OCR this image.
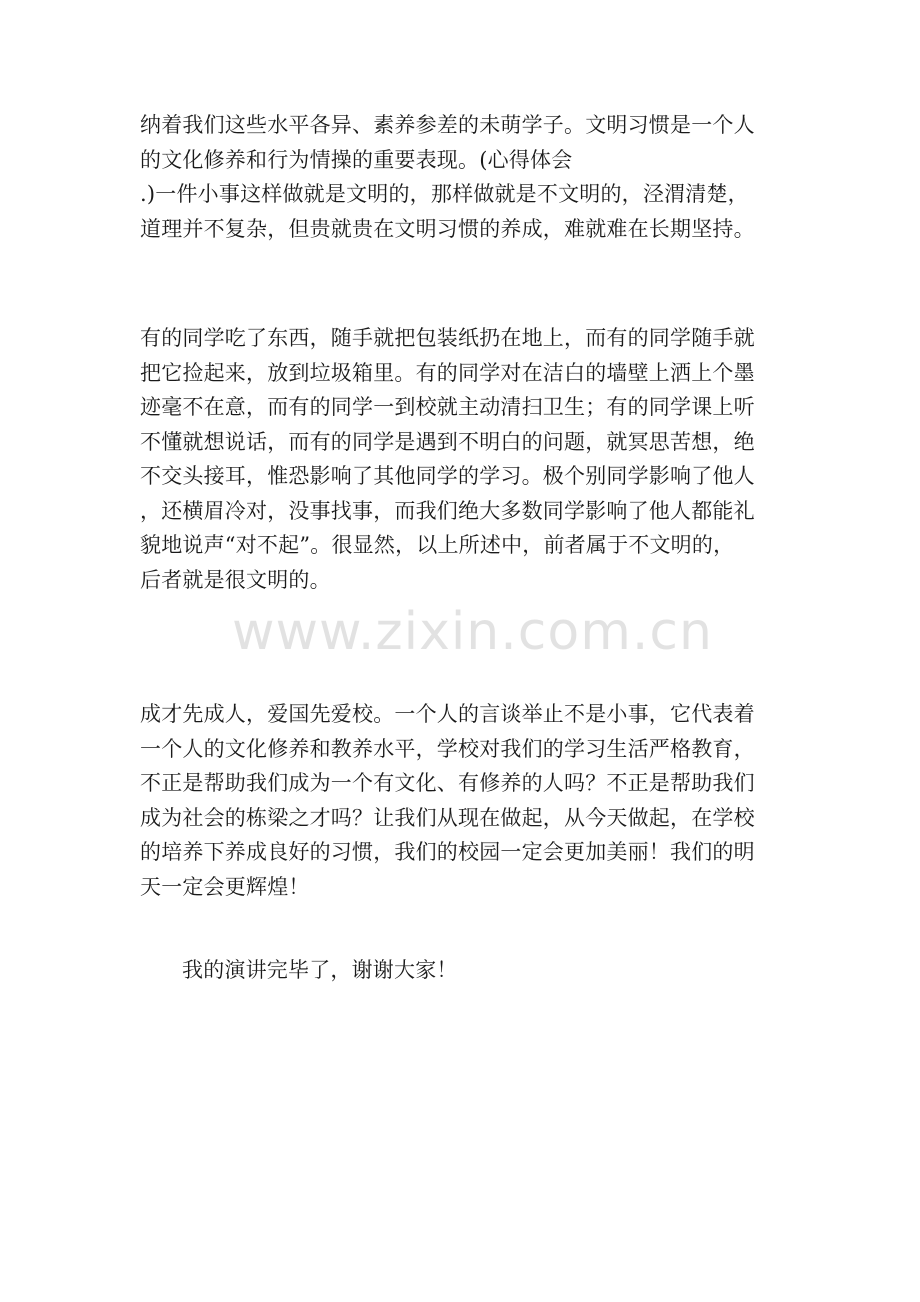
纳着我们这些水平各异、素养参差的未萌学子。文明习惯是一个人
的文化修养和行为情操的重要表现。(心得体会
.)一件小事这样做就是文明的，那样做就是不文明的，泾渭清楚，
道理并不复杂，但贵就贵在文明习惯的养成，难就难在长期坚持。
有的同学吃了东西，随手就把包装纸扔在地上，而有的同学随手就
把它捡起来，放到垃圾箱里。有的同学对在洁白的墙壁上洒上个墨
迹毫不在意，而有的同学一到校就主动清扫卫生；有的同学课上听
不懂就想说话，而有的同学是遇到不明白的问题，就冥思苦想，绝
不交头接耳，惟恐影响了其他同学的学习。极个别同学影响了他人
，还横眉冷对，没事找事，而我们绝大多数同学影响了他人都能礼
貌地说声“对不起”。很显然，以上所述中，前者属于不文明的，
后者就是很文明的。
成才先成人，爱国先爱校。一个人的言谈举止不是小事，它代表着
一个人的文化修养和教养水平，学校对我们的学习生活严格教育，
不正是帮助我们成为一个有文化、有修养的人吗？不正是帮助我们
成为社会的栋梁之才吗？让我们从现在做起，从今天做起，在学校
的培养下养成良好的习惯，我们的校园一定会更加美丽！我们的明
天一定会更辉煌！
我的演讲完毕了，谢谢大家！
www.zixin.com.cn
